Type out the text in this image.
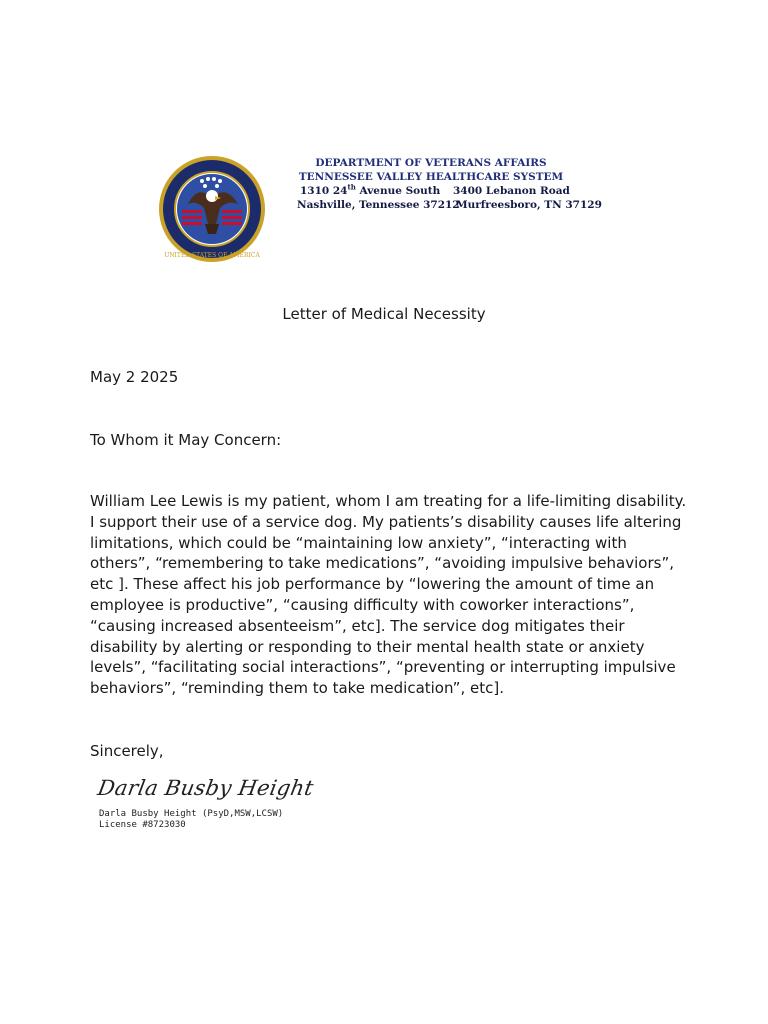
UNITED STATES OF AMERICA
DEPARTMENT OF VETERANS AFFAIRS
TENNESSEE VALLEY HEALTHCARE SYSTEM
1310 24th Avenue South 3400 Lebanon Road
Nashville, Tennessee 37212
Murfreesboro, TN 37129
Letter of Medical Necessity
May 2 2025
To Whom it May Concern:
William Lee Lewis is my patient, whom I am treating for a life-limiting disability. I support their use of a service dog. My patients’s disability causes life altering limitations, which could be “maintaining low anxiety”, “interacting with others”, “remembering to take medications”, “avoiding impulsive behaviors”, etc ]. These affect his job performance by “lowering the amount of time an employee is productive”, “causing difficulty with coworker interactions”, “causing increased absenteeism”, etc]. The service dog mitigates their disability by alerting or responding to their mental health state or anxiety levels”, “facilitating social interactions”, “preventing or interrupting impulsive behaviors”, “reminding them to take medication”, etc].
Sincerely,
Darla Busby Height
Darla Busby Height (PsyD,MSW,LCSW)
License #8723030
